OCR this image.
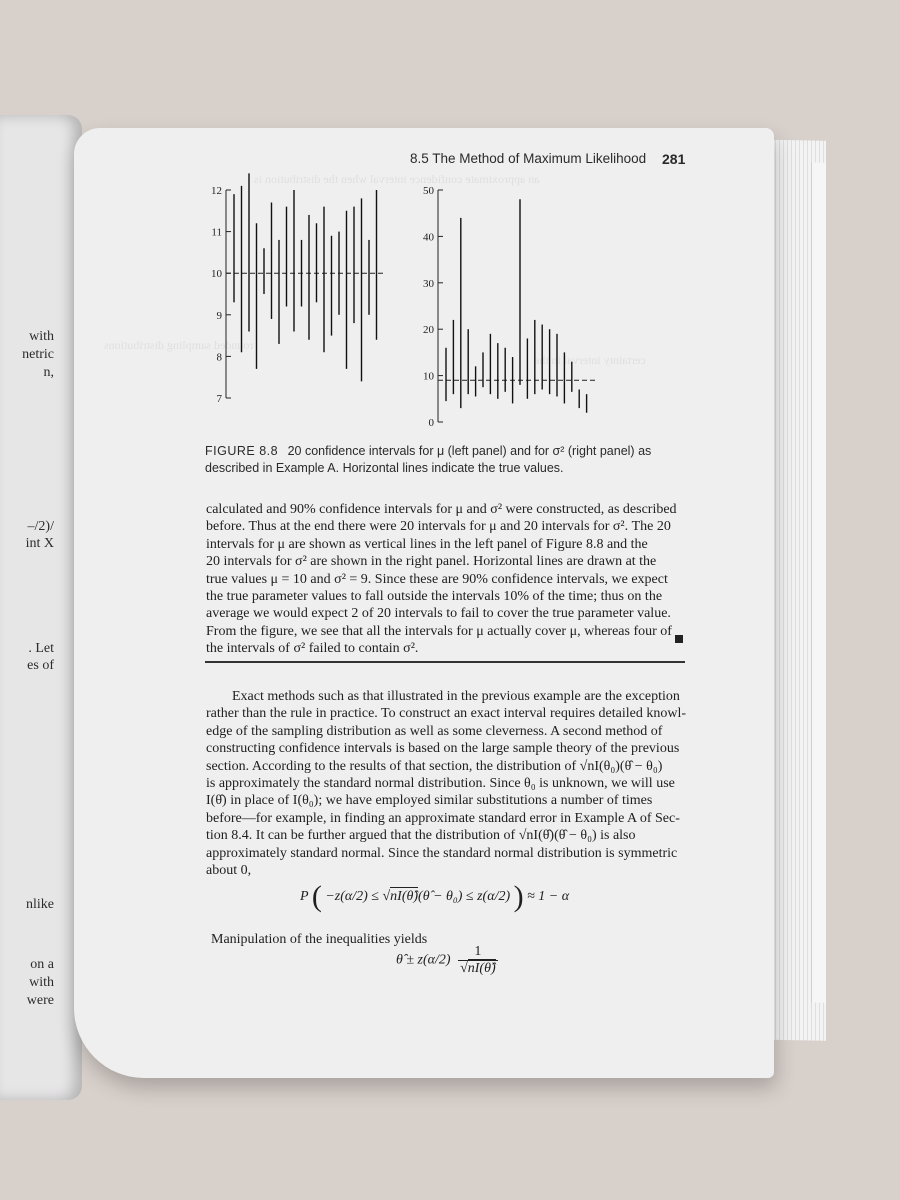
with
netric
n,
–/2)/
int X
. Let
es of
nlike
on a
with
were
an approximate confidence interval when the distribution is
certainty interval in the
rounded sampling distributions
8.5 The Method of Maximum Likelihood 281
7
8
9
10
11
12
0
10
20
30
40
50
FIGURE 8.8 20 confidence intervals for μ (left panel) and for σ² (right panel) as
described in Example A. Horizontal lines indicate the true values.
calculated and 90% confidence intervals for μ and σ² were constructed, as described
before. Thus at the end there were 20 intervals for μ and 20 intervals for σ². The 20
intervals for μ are shown as vertical lines in the left panel of Figure 8.8 and the
20 intervals for σ² are shown in the right panel. Horizontal lines are drawn at the
true values μ = 10 and σ² = 9. Since these are 90% confidence intervals, we expect
the true parameter values to fall outside the intervals 10% of the time; thus on the
average we would expect 2 of 20 intervals to fail to cover the true parameter value.
From the figure, we see that all the intervals for μ actually cover μ, whereas four of
the intervals of σ² failed to contain σ².
Exact methods such as that illustrated in the previous example are the exception
rather than the rule in practice. To construct an exact interval requires detailed knowl-
edge of the sampling distribution as well as some cleverness. A second method of
constructing confidence intervals is based on the large sample theory of the previous
section. According to the results of that section, the distribution of √nI(θ₀)(θ̂ − θ₀)
is approximately the standard normal distribution. Since θ₀ is unknown, we will use
I(θ̂) in place of I(θ₀); we have employed similar substitutions a number of times
before—for example, in finding an approximate standard error in Example A of Sec-
tion 8.4. It can be further argued that the distribution of √nI(θ̂)(θ̂ − θ₀) is also
approximately standard normal. Since the standard normal distribution is symmetric
about 0,
P ( −z(α/2) ≤ √nI(θ̂)(θ̂ − θ₀) ≤ z(α/2) ) ≈ 1 − α
Manipulation of the inequalities yields
θ̂ ± $z(\alpha/2) \frac{1}{√nI(\thetâ)}$
